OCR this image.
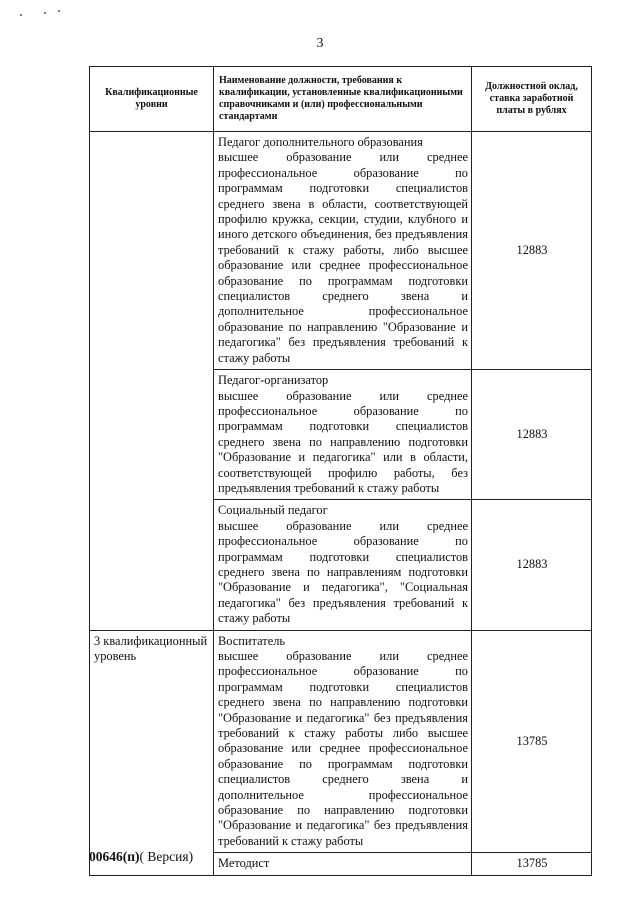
3
Квалификационные уровни	Наименование должности, требования к квалификации, установленные квалификационными справочниками и (или) профессиональными стандартами	Должностной оклад, ставка заработной платы в рублях

	Педагог дополнительного образования
высшее образование или среднее профессиональное образование по программам подготовки специалистов среднего звена в области, соответствующей профилю кружка, секции, студии, клубного и иного детского объединения, без предъявления требований к стажу работы, либо высшее образование или среднее профессиональное образование по программам подготовки специалистов среднего звена и дополнительное профессиональное образование по направлению "Образование и педагогика" без предъявления требований к стажу работы	12883

	Педагог-организатор
высшее образование или среднее профессиональное образование по программам подготовки специалистов среднего звена по направлению подготовки "Образование и педагогика" или в области, соответствующей профилю работы, без предъявления требований к стажу работы	12883

	Социальный педагог
высшее образование или среднее профессиональное образование по программам подготовки специалистов среднего звена по направлениям подготовки "Образование и педагогика", "Социальная педагогика" без предъявления требований к стажу работы	12883
3 квалификационный уровень	Воспитатель
высшее образование или среднее профессиональное образование по программам подготовки специалистов среднего звена по направлению подготовки "Образование и педагогика" без предъявления требований к стажу работы либо высшее образование или среднее профессиональное образование по программам подготовки специалистов среднего звена и дополнительное профессиональное образование по направлению подготовки "Образование и педагогика" без предъявления требований к стажу работы	13785

	Методист	13785
00646(п)( Версия)
